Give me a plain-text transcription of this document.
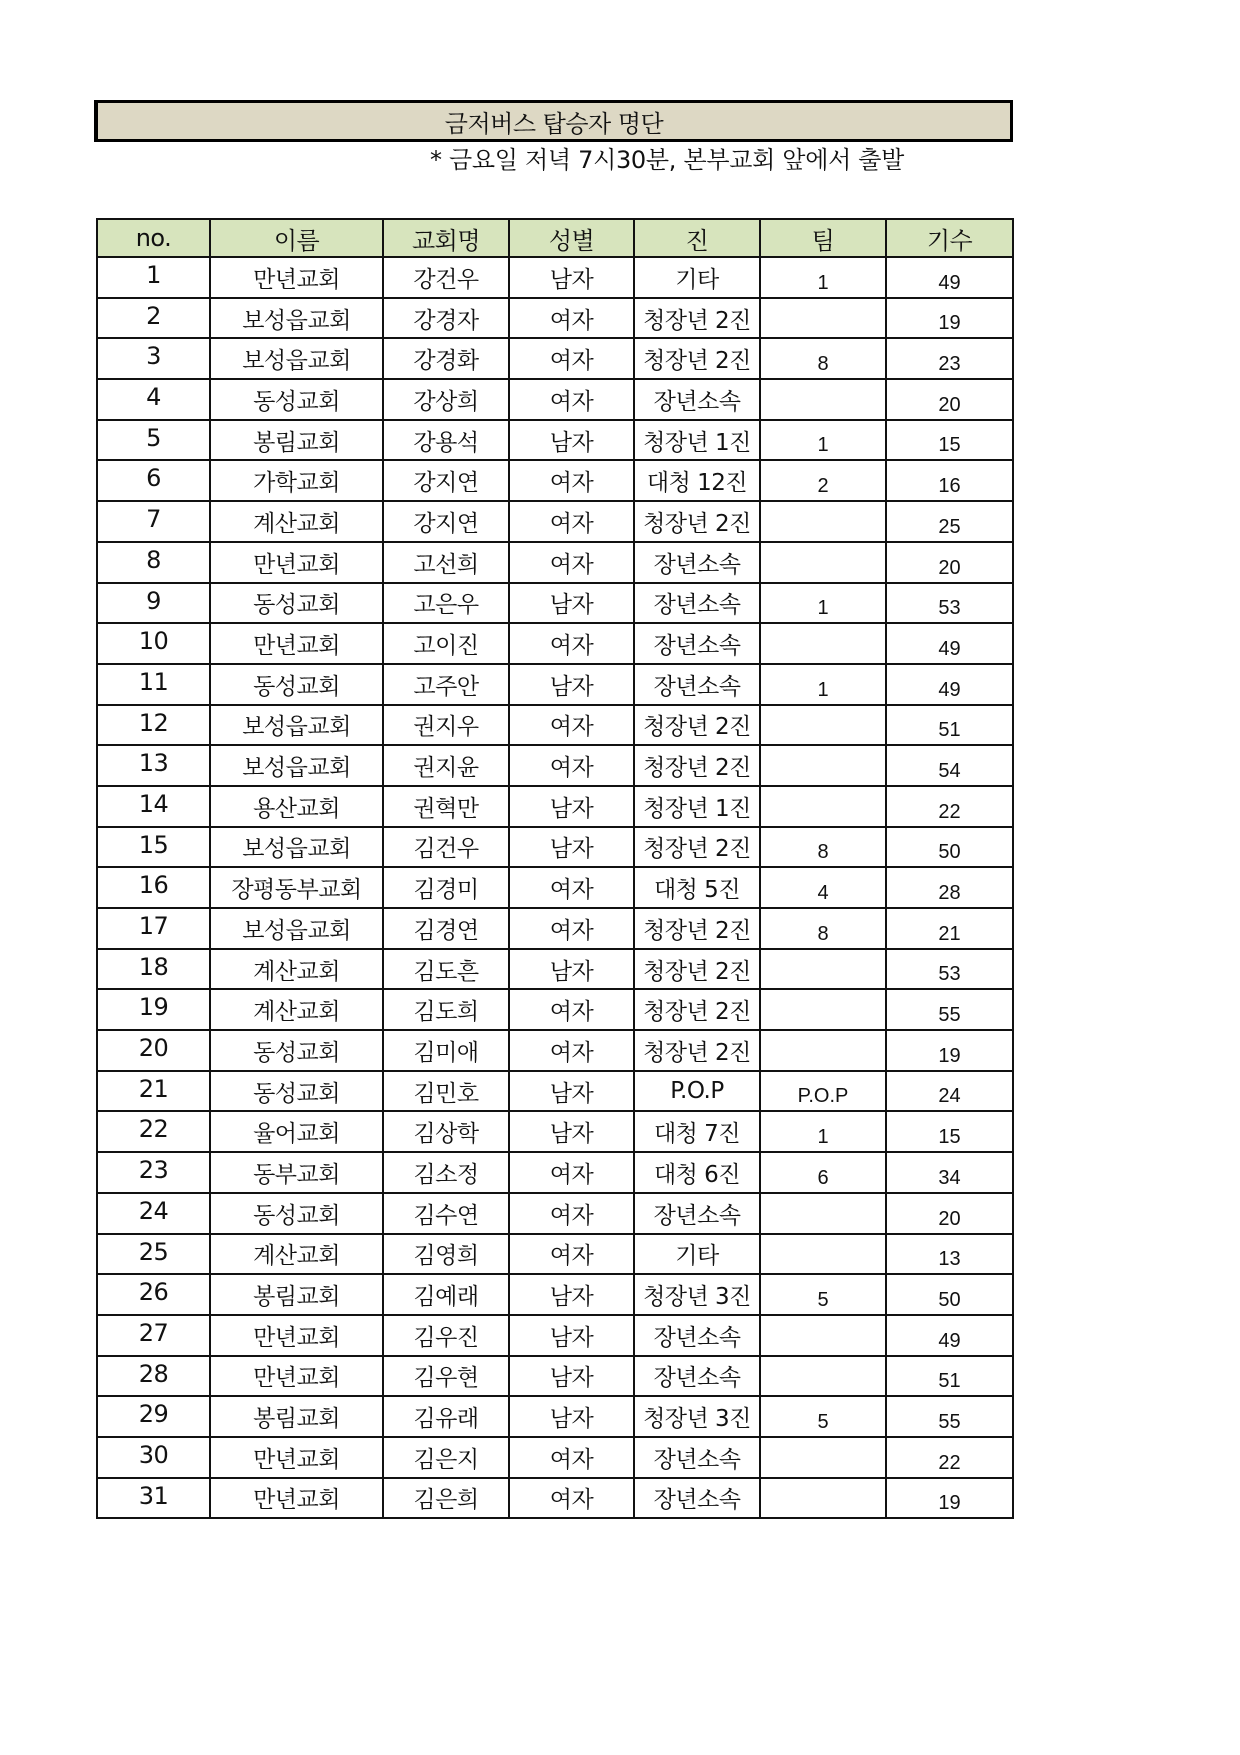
금저버스 탑승자 명단
* 금요일 저녁 7시30분, 본부교회 앞에서 출발
no.	이름	교회명	성별	진	팀	기수
1	만년교회	강건우	남자	기타	1	49
2	보성읍교회	강경자	여자	청장년 2진		19
3	보성읍교회	강경화	여자	청장년 2진	8	23
4	동성교회	강상희	여자	장년소속		20
5	봉림교회	강용석	남자	청장년 1진	1	15
6	가학교회	강지연	여자	대청 12진	2	16
7	계산교회	강지연	여자	청장년 2진		25
8	만년교회	고선희	여자	장년소속		20
9	동성교회	고은우	남자	장년소속	1	53
10	만년교회	고이진	여자	장년소속		49
11	동성교회	고주안	남자	장년소속	1	49
12	보성읍교회	권지우	여자	청장년 2진		51
13	보성읍교회	권지윤	여자	청장년 2진		54
14	용산교회	권혁만	남자	청장년 1진		22
15	보성읍교회	김건우	남자	청장년 2진	8	50
16	장평동부교회	김경미	여자	대청 5진	4	28
17	보성읍교회	김경연	여자	청장년 2진	8	21
18	계산교회	김도흔	남자	청장년 2진		53
19	계산교회	김도희	여자	청장년 2진		55
20	동성교회	김미애	여자	청장년 2진		19
21	동성교회	김민호	남자	P.O.P	P.O.P	24
22	율어교회	김상학	남자	대청 7진	1	15
23	동부교회	김소정	여자	대청 6진	6	34
24	동성교회	김수연	여자	장년소속		20
25	계산교회	김영희	여자	기타		13
26	봉림교회	김예래	남자	청장년 3진	5	50
27	만년교회	김우진	남자	장년소속		49
28	만년교회	김우현	남자	장년소속		51
29	봉림교회	김유래	남자	청장년 3진	5	55
30	만년교회	김은지	여자	장년소속		22
31	만년교회	김은희	여자	장년소속		19
